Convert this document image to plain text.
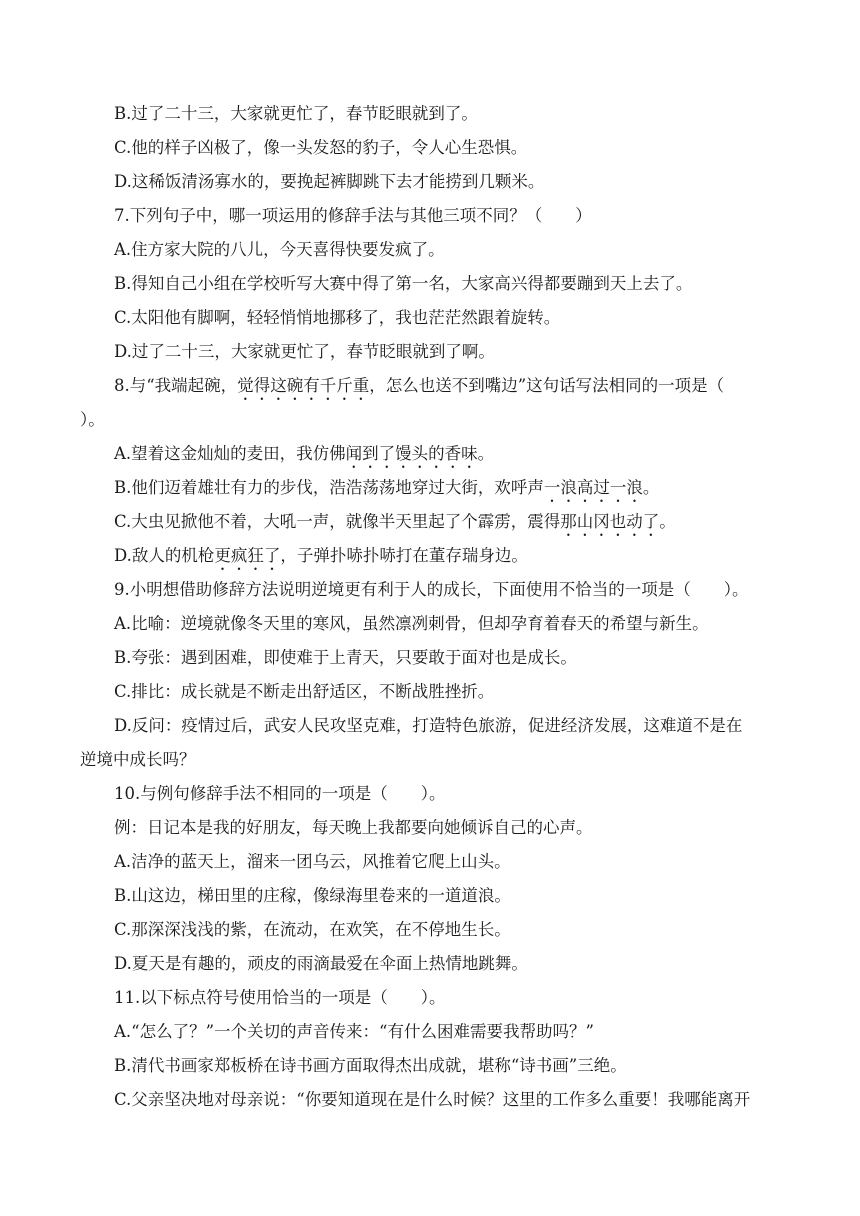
B.过了二十三，大家就更忙了，春节眨眼就到了。
C.他的样子凶极了，像一头发怒的豹子，令人心生恐惧。
D.这稀饭清汤寡水的，要挽起裤脚跳下去才能捞到几颗米。
7.下列句子中，哪一项运用的修辞手法与其他三项不同？（　　）
A.住方家大院的八儿，今天喜得快要发疯了。
B.得知自己小组在学校听写大赛中得了第一名，大家高兴得都要蹦到天上去了。
C.太阳他有脚啊，轻轻悄悄地挪移了，我也茫茫然跟着旋转。
D.过了二十三，大家就更忙了，春节眨眼就到了啊。
8.与“我端起碗，觉得这碗有千斤重，怎么也送不到嘴边”这句话写法相同的一项是（
）。
A.望着这金灿灿的麦田，我仿佛闻到了馒头的香味。
B.他们迈着雄壮有力的步伐，浩浩荡荡地穿过大街，欢呼声一浪高过一浪。
C.大虫见掀他不着，大吼一声，就像半天里起了个霹雳，震得那山冈也动了。
D.敌人的机枪更疯狂了，子弹扑哧扑哧打在董存瑞身边。
9.小明想借助修辞方法说明逆境更有利于人的成长，下面使用不恰当的一项是（　　）。
A.比喻：逆境就像冬天里的寒风，虽然凛冽刺骨，但却孕育着春天的希望与新生。
B.夸张：遇到困难，即使难于上青天，只要敢于面对也是成长。
C.排比：成长就是不断走出舒适区，不断战胜挫折。
D.反问：疫情过后，武安人民攻坚克难，打造特色旅游，促进经济发展，这难道不是在
逆境中成长吗？
10.与例句修辞手法不相同的一项是（　　）。
例：日记本是我的好朋友，每天晚上我都要向她倾诉自己的心声。
A.洁净的蓝天上，溜来一团乌云，风推着它爬上山头。
B.山这边，梯田里的庄稼，像绿海里卷来的一道道浪。
C.那深深浅浅的紫，在流动，在欢笑，在不停地生长。
D.夏天是有趣的，顽皮的雨滴最爱在伞面上热情地跳舞。
11.以下标点符号使用恰当的一项是（　　）。
A.“怎么了？”一个关切的声音传来：“有什么困难需要我帮助吗？”
B.清代书画家郑板桥在诗书画方面取得杰出成就，堪称“诗书画”三绝。
C.父亲坚决地对母亲说：“你要知道现在是什么时候？这里的工作多么重要！我哪能离开
